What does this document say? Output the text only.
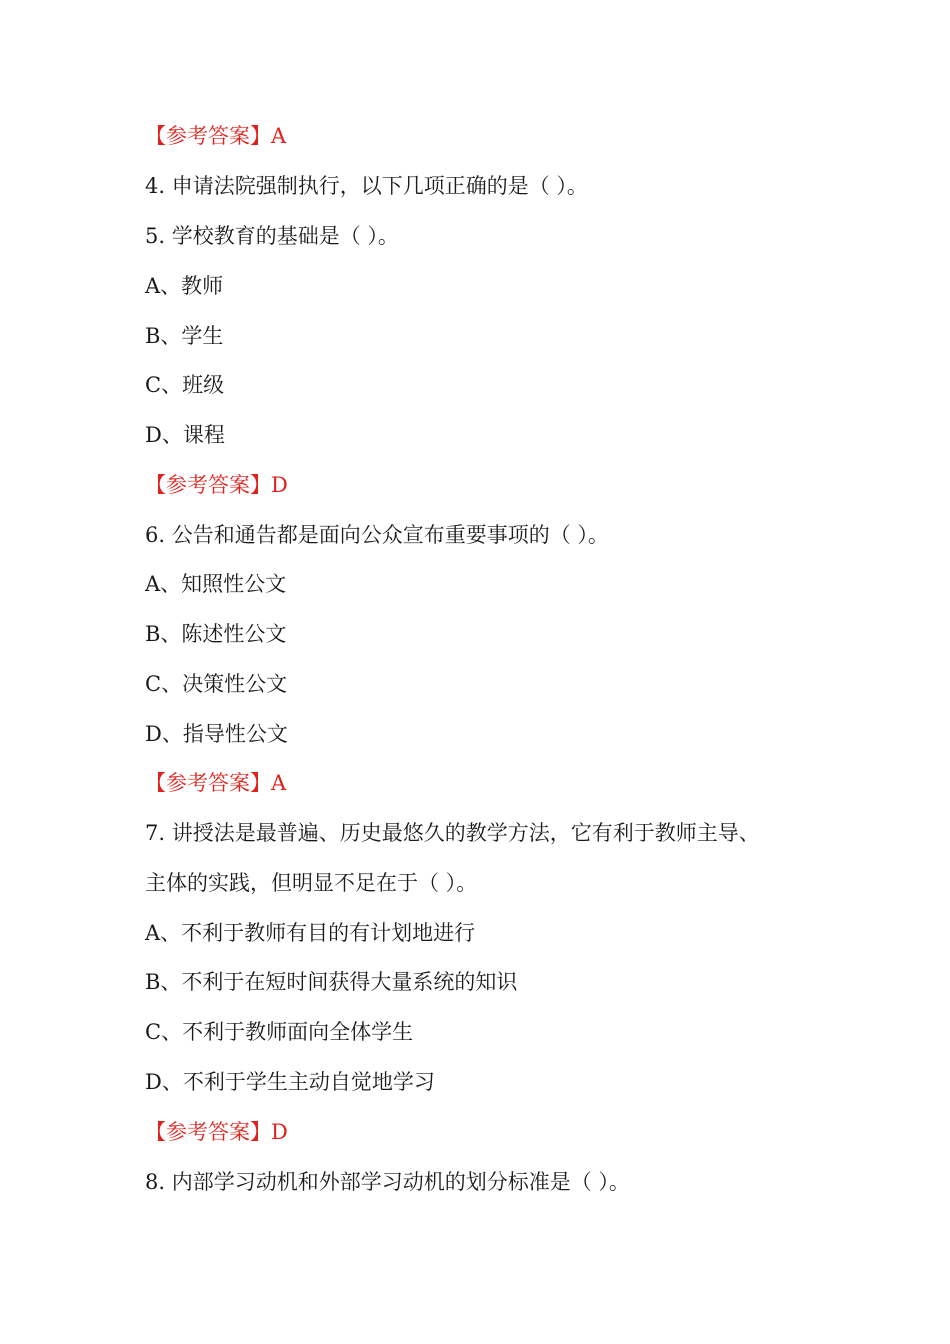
【参考答案】A
4. 申请法院强制执行，以下几项正确的是（ ）。
5. 学校教育的基础是（ ）。
A、教师
B、学生
C、班级
D、课程
【参考答案】D
6. 公告和通告都是面向公众宣布重要事项的（ ）。
A、知照性公文
B、陈述性公文
C、决策性公文
D、指导性公文
【参考答案】A
7. 讲授法是最普遍、历史最悠久的教学方法，它有利于教师主导、
主体的实践，但明显不足在于（ ）。
A、不利于教师有目的有计划地进行
B、不利于在短时间获得大量系统的知识
C、不利于教师面向全体学生
D、不利于学生主动自觉地学习
【参考答案】D
8. 内部学习动机和外部学习动机的划分标准是（ ）。
